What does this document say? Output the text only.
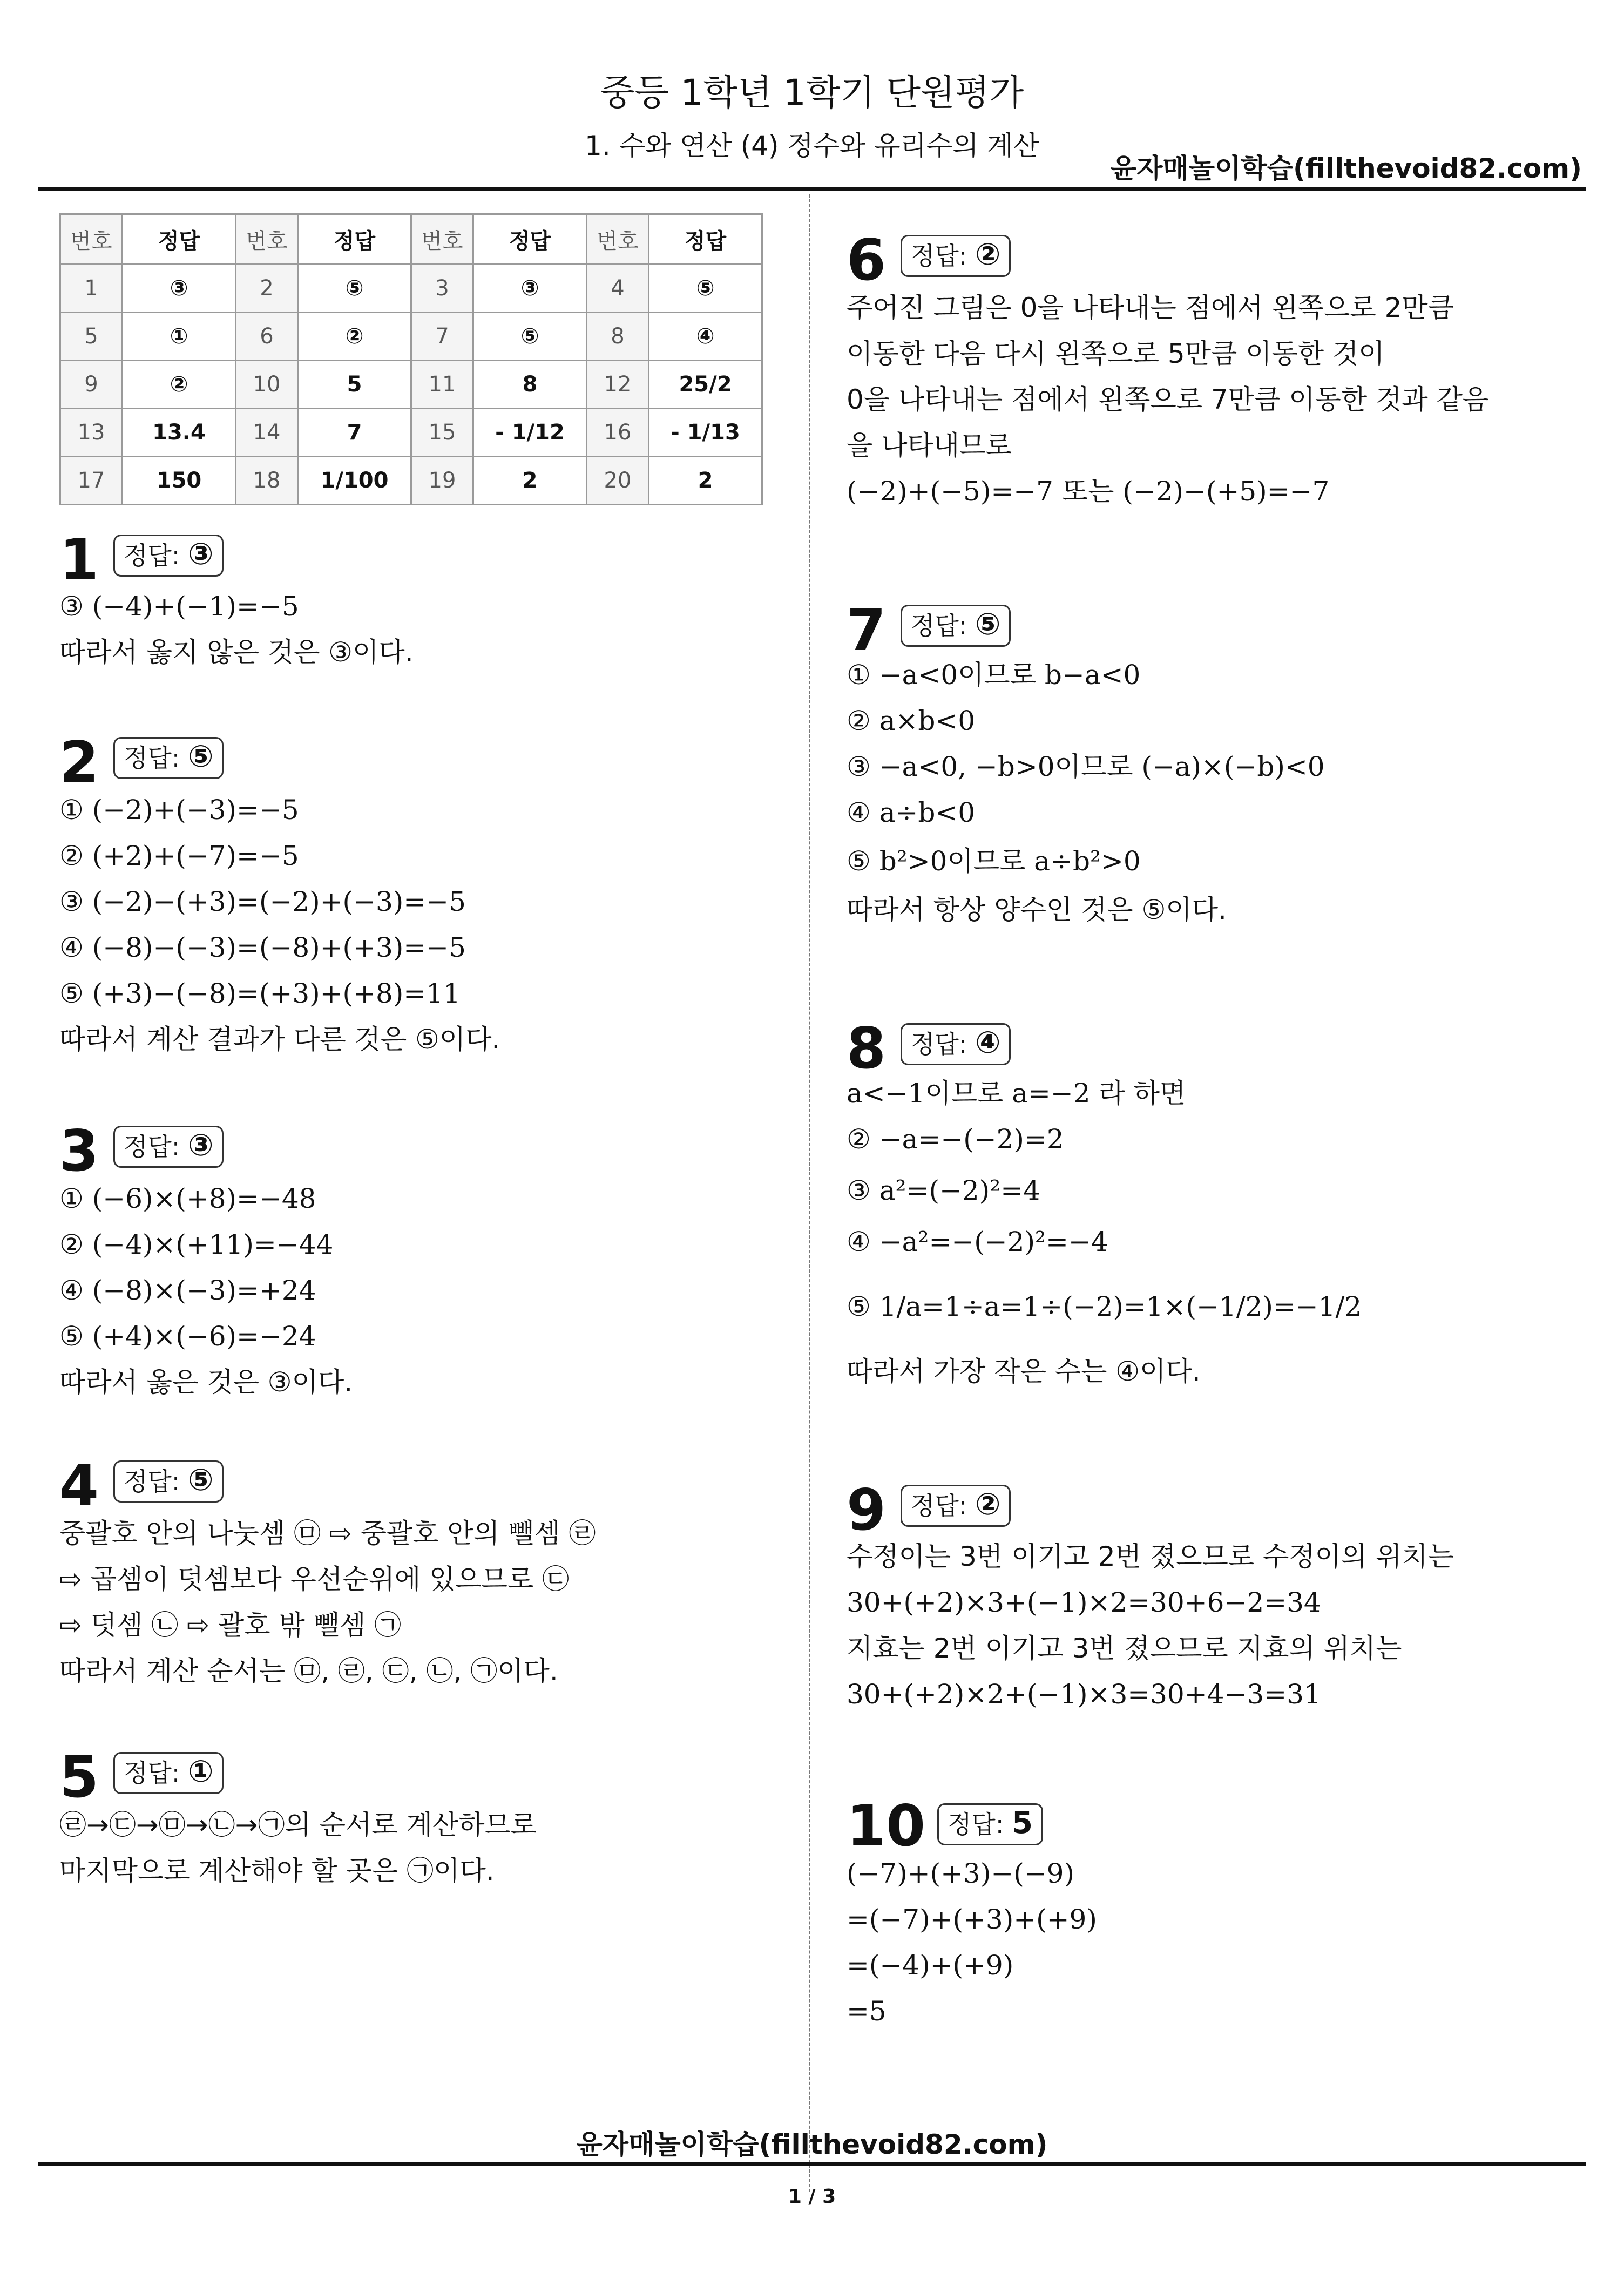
중등 1학년 1학기 단원평가
1. 수와 연산 (4) 정수와 유리수의 계산
윤자매놀이학습(fillthevoid82.com)
번호	정답	번호	정답	번호	정답	번호	정답
1	③	2	⑤	3	③	4	⑤
5	①	6	②	7	⑤	8	④
9	②	10	5	11	8	12	25/2
13	13.4	14	7	15	- 1/12	16	- 1/13
17	150	18	1/100	19	2	20	2
1 정답: ③
③ (−4)+(−1)=−5
따라서 옳지 않은 것은 ③이다.
2 정답: ⑤
① (−2)+(−3)=−5
② (+2)+(−7)=−5
③ (−2)−(+3)=(−2)+(−3)=−5
④ (−8)−(−3)=(−8)+(+3)=−5
⑤ (+3)−(−8)=(+3)+(+8)=11
따라서 계산 결과가 다른 것은 ⑤이다.
3 정답: ③
① (−6)×(+8)=−48
② (−4)×(+11)=−44
④ (−8)×(−3)=+24
⑤ (+4)×(−6)=−24
따라서 옳은 것은 ③이다.
4 정답: ⑤
중괄호 안의 나눗셈 ㉤ ⇨ 중괄호 안의 뺄셈 ㉣
⇨ 곱셈이 덧셈보다 우선순위에 있으므로 ㉢
⇨ 덧셈 ㉡ ⇨ 괄호 밖 뺄셈 ㉠
따라서 계산 순서는 ㉤, ㉣, ㉢, ㉡, ㉠이다.
5 정답: ①
㉣→㉢→㉤→㉡→㉠의 순서로 계산하므로
마지막으로 계산해야 할 곳은 ㉠이다.
6 정답: ②
주어진 그림은 0을 나타내는 점에서 왼쪽으로 2만큼
이동한 다음 다시 왼쪽으로 5만큼 이동한 것이
0을 나타내는 점에서 왼쪽으로 7만큼 이동한 것과 같음
을 나타내므로
(−2)+(−5)=−7 또는 (−2)−(+5)=−7
7 정답: ⑤
① −a<0이므로 b−a<0
② a×b<0
③ −a<0, −b>0이므로 (−a)×(−b)<0
④ a÷b<0
⑤ b²>0이므로 a÷b²>0
따라서 항상 양수인 것은 ⑤이다.
8 정답: ④
a<−1이므로 a=−2 라 하면
② −a=−(−2)=2
③ a²=(−2)²=4
④ −a²=−(−2)²=−4
⑤ 1/a=1÷a=1÷(−2)=1×(−1/2)=−1/2
따라서 가장 작은 수는 ④이다.
9 정답: ②
수정이는 3번 이기고 2번 졌으므로 수정이의 위치는
30+(+2)×3+(−1)×2=30+6−2=34
지효는 2번 이기고 3번 졌으므로 지효의 위치는
30+(+2)×2+(−1)×3=30+4−3=31
10 정답: 5
(−7)+(+3)−(−9)
=(−7)+(+3)+(+9)
=(−4)+(+9)
=5
윤자매놀이학습(fillthevoid82.com)
1 / 3
